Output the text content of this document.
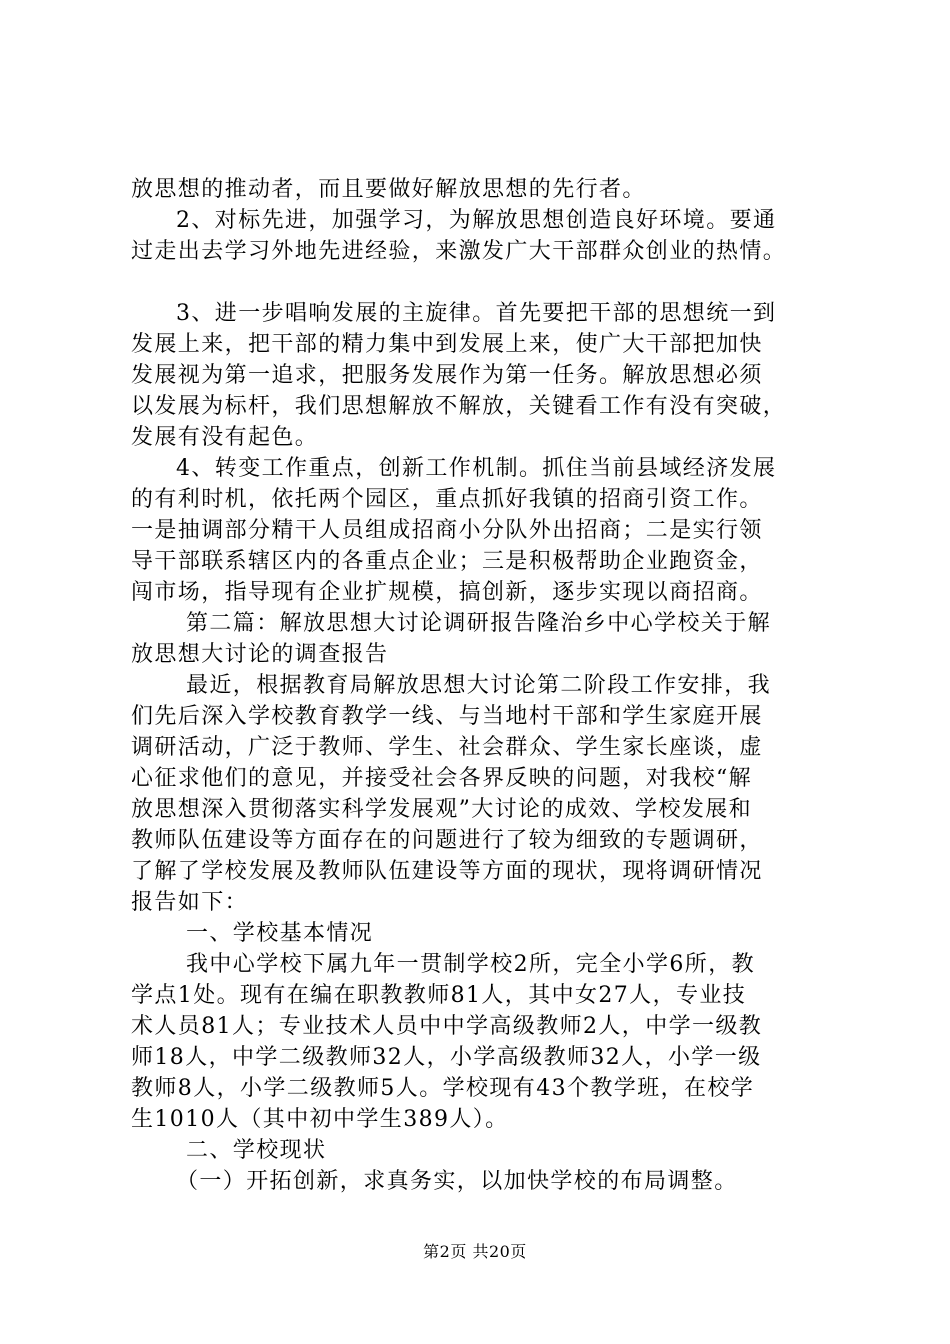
放思想的推动者，而且要做好解放思想的先行者。
2、对标先进，加强学习，为解放思想创造良好环境。要通
过走出去学习外地先进经验，来激发广大干部群众创业的热情。
3、进一步唱响发展的主旋律。首先要把干部的思想统一到
发展上来，把干部的精力集中到发展上来，使广大干部把加快
发展视为第一追求，把服务发展作为第一任务。解放思想必须
以发展为标杆，我们思想解放不解放，关键看工作有没有突破，
发展有没有起色。
4、转变工作重点，创新工作机制。抓住当前县域经济发展
的有利时机，依托两个园区，重点抓好我镇的招商引资工作。
一是抽调部分精干人员组成招商小分队外出招商；二是实行领
导干部联系辖区内的各重点企业；三是积极帮助企业跑资金，
闯市场，指导现有企业扩规模，搞创新，逐步实现以商招商。
第二篇：解放思想大讨论调研报告隆治乡中心学校关于解
放思想大讨论的调查报告
最近，根据教育局解放思想大讨论第二阶段工作安排，我
们先后深入学校教育教学一线、与当地村干部和学生家庭开展
调研活动，广泛于教师、学生、社会群众、学生家长座谈，虚
心征求他们的意见，并接受社会各界反映的问题，对我校“解
放思想深入贯彻落实科学发展观”大讨论的成效、学校发展和
教师队伍建设等方面存在的问题进行了较为细致的专题调研，
了解了学校发展及教师队伍建设等方面的现状，现将调研情况
报告如下：
一、学校基本情况
我中心学校下属九年一贯制学校2所，完全小学6所，教
学点1处。现有在编在职教教师81人，其中女27人，专业技
术人员81人；专业技术人员中中学高级教师2人，中学一级教
师18人，中学二级教师32人，小学高级教师32人，小学一级
教师8人，小学二级教师5人。学校现有43个教学班，在校学
生1010人（其中初中学生389人）。
二、学校现状
（一）开拓创新，求真务实，以加快学校的布局调整。
第2页 共20页
